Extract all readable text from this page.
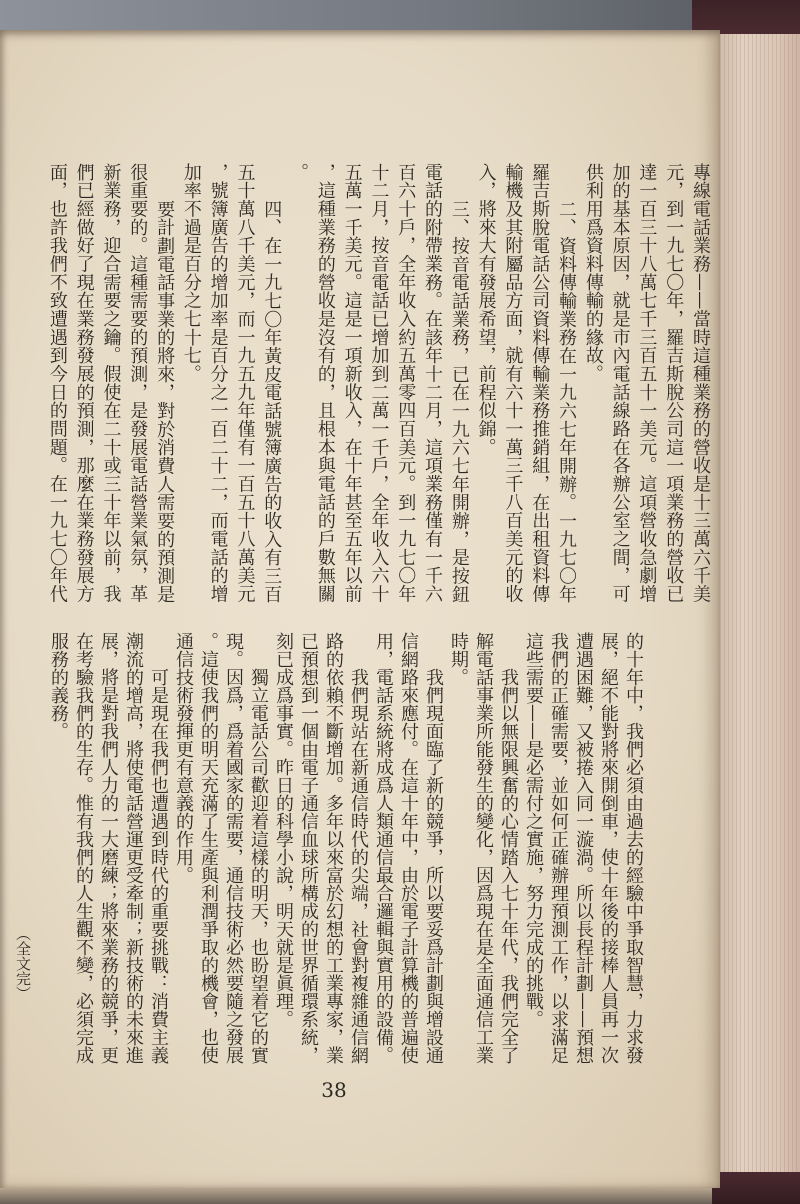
專線電話業務——當時這種業務的營收是十三萬六千美
元，到一九七〇年，羅吉斯脫公司這一項業務的營收已
達一百三十八萬七千三百五十一美元。這項營收急劇增
加的基本原因，就是市內電話線路在各辦公室之間，可
供利用爲資料傳輸的緣故。
二、資料傳輸業務在一九六七年開辦。一九七〇年
羅吉斯脫電話公司資料傳輸業務推銷組，在出租資料傳
輸機及其附屬品方面，就有六十一萬三千八百美元的收
入，將來大有發展希望，前程似錦。
三、按音電話業務，已在一九六七年開辦，是按鈕
電話的附帶業務。在該年十二月，這項業務僅有一千六
百六十戶，全年收入約五萬零四百美元。到一九七〇年
十二月，按音電話已增加到二萬一千戶，全年收入六十
五萬一千美元。這是一項新收入，在十年甚至五年以前
，這種業務的營收是沒有的，且根本與電話的戶數無關
。
四、在一九七〇年黃皮電話號簿廣告的收入有三百
五十萬八千美元，而一九五九年僅有一百五十八萬美元
，號簿廣告的增加率是百分之一百二十二，而電話的增
加率不過是百分之七十七。
要計劃電話事業的將來，對於消費人需要的預測是
很重要的。這種需要的預測，是發展電話營業氣氛，革
新業務，迎合需要之鑰。假使在二十或三十年以前，我
們已經做好了現在業務發展的預測，那麼在業務發展方
面，也許我們不致遭遇到今日的問題。在一九七〇年代
的十年中，我們必須由過去的經驗中爭取智慧，力求發
展，絕不能對將來開倒車，使十年後的接棒人員再一次
遭遇困難，又被捲入同一漩渦。所以長程計劃——預想
我們的正確需要，並如何正確辦理預測工作，以求滿足
這些需要——是必需付之實施，努力完成的挑戰。
我們以無限興奮的心情踏入七十年代，我們完全了
解電話事業所能發生的變化，因爲現在是全面通信工業
時期。
我們現面臨了新的競爭，所以要妥爲計劃與增設通
信網路來應付。在這十年中，由於電子計算機的普遍使
用，電話系統將成爲人類通信最合邏輯與實用的設備。
我們現站在新通信時代的尖端，社會對複雜通信網
路的依賴不斷增加。多年以來富於幻想的工業專家，業
已預想到一個由電子通信血球所構成的世界循環系統，
刻已成爲事實。昨日的科學小說，明天就是眞理。
獨立電話公司歡迎着這樣的明天，也盼望着它的實
現。因爲，爲着國家的需要，通信技術必然要隨之發展
。這使我們的明天充滿了生產與利潤爭取的機會，也使
通信技術發揮更有意義的作用。
可是現在我們也遭遇到時代的重要挑戰：消費主義
潮流的增高，將使電話營運更受牽制；新技術的未來進
展，將是對我們人力的一大磨練；將來業務的競爭，更
在考驗我們的生存。惟有我們的人生觀不變，必須完成
服務的義務。
（全文完）
38
